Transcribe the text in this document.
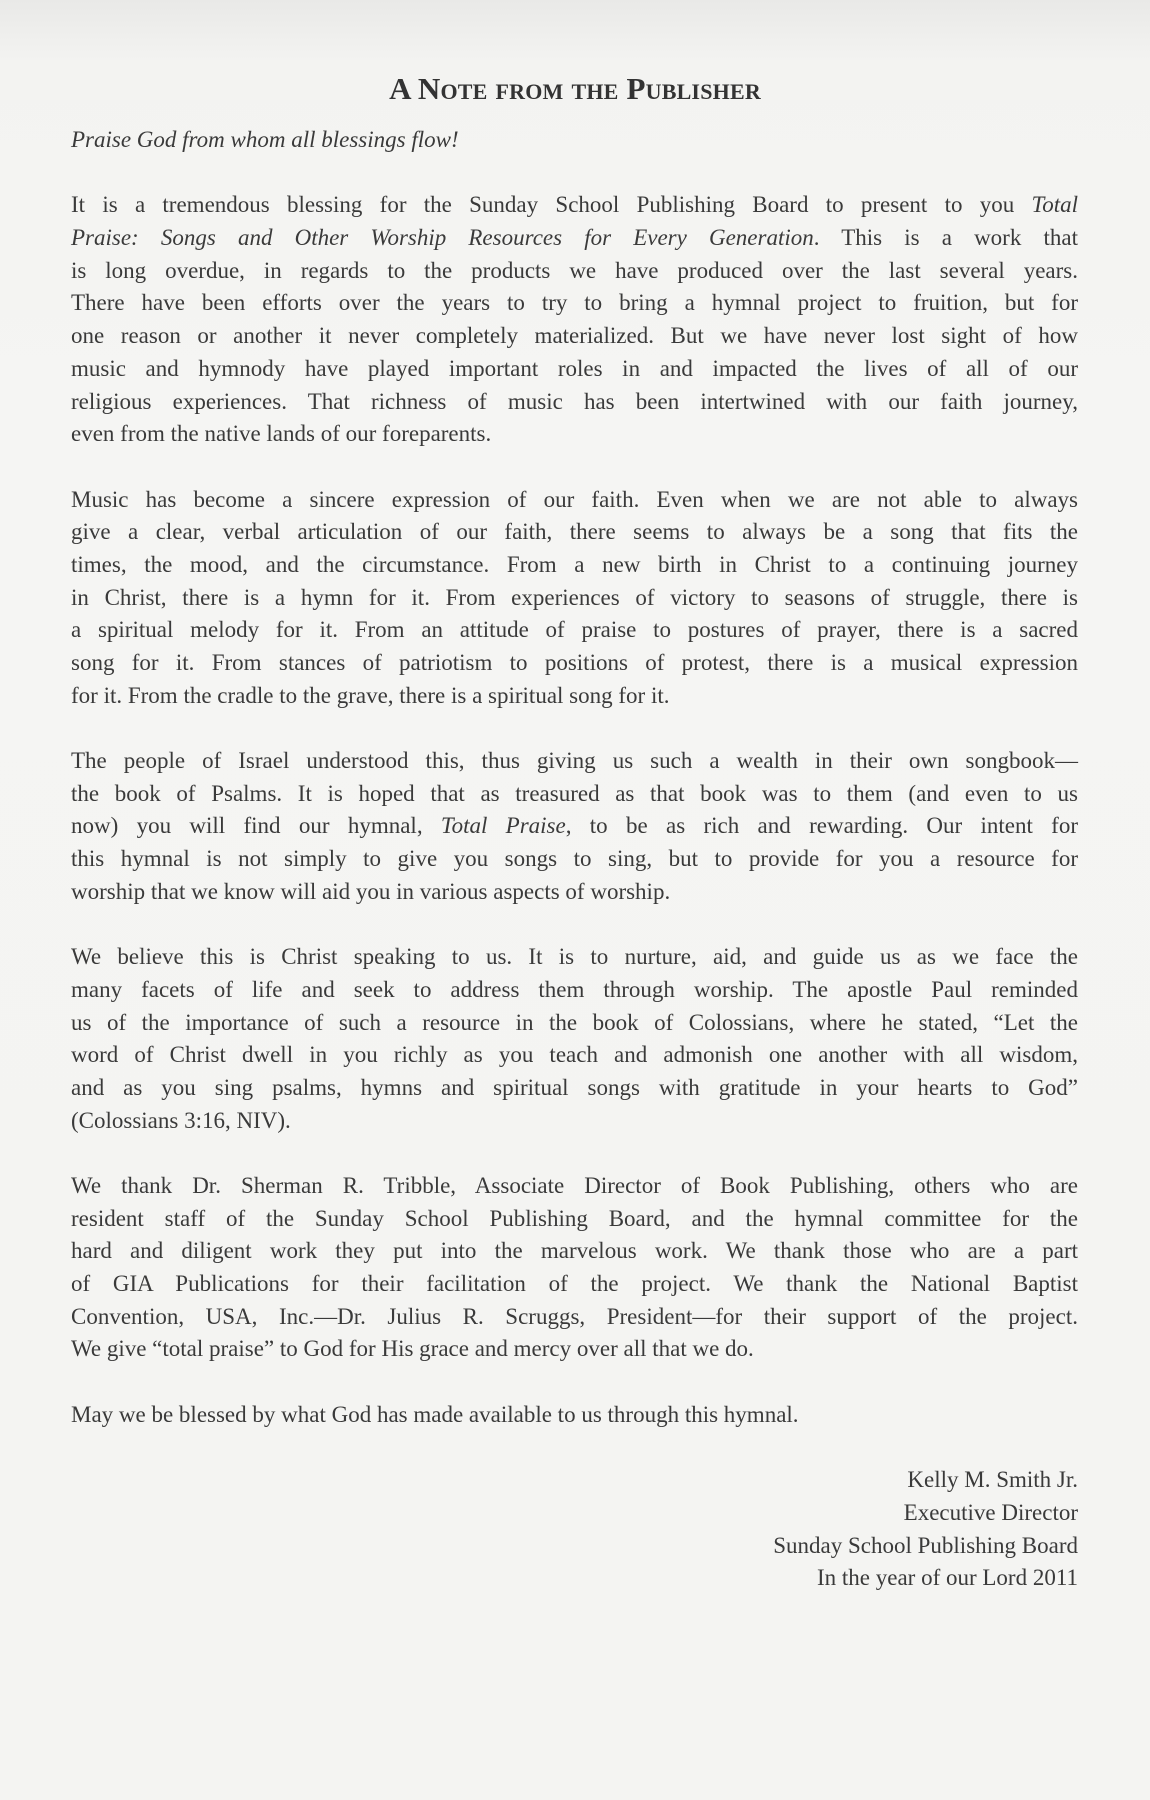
A Note from the Publisher
Praise God from whom all blessings flow!
It is a tremendous blessing for the Sunday School Publishing Board to present to you Total
Praise: Songs and Other Worship Resources for Every Generation. This is a work that
is long overdue, in regards to the products we have produced over the last several years.
There have been efforts over the years to try to bring a hymnal project to fruition, but for
one reason or another it never completely materialized. But we have never lost sight of how
music and hymnody have played important roles in and impacted the lives of all of our
religious experiences. That richness of music has been intertwined with our faith journey,
even from the native lands of our foreparents.
Music has become a sincere expression of our faith. Even when we are not able to always
give a clear, verbal articulation of our faith, there seems to always be a song that fits the
times, the mood, and the circumstance. From a new birth in Christ to a continuing journey
in Christ, there is a hymn for it. From experiences of victory to seasons of struggle, there is
a spiritual melody for it. From an attitude of praise to postures of prayer, there is a sacred
song for it. From stances of patriotism to positions of protest, there is a musical expression
for it. From the cradle to the grave, there is a spiritual song for it.
The people of Israel understood this, thus giving us such a wealth in their own songbook—
the book of Psalms. It is hoped that as treasured as that book was to them (and even to us
now) you will find our hymnal, Total Praise, to be as rich and rewarding. Our intent for
this hymnal is not simply to give you songs to sing, but to provide for you a resource for
worship that we know will aid you in various aspects of worship.
We believe this is Christ speaking to us. It is to nurture, aid, and guide us as we face the
many facets of life and seek to address them through worship. The apostle Paul reminded
us of the importance of such a resource in the book of Colossians, where he stated, “Let the
word of Christ dwell in you richly as you teach and admonish one another with all wisdom,
and as you sing psalms, hymns and spiritual songs with gratitude in your hearts to God”
(Colossians 3:16, NIV).
We thank Dr. Sherman R. Tribble, Associate Director of Book Publishing, others who are
resident staff of the Sunday School Publishing Board, and the hymnal committee for the
hard and diligent work they put into the marvelous work. We thank those who are a part
of GIA Publications for their facilitation of the project. We thank the National Baptist
Convention, USA, Inc.—Dr. Julius R. Scruggs, President—for their support of the project.
We give “total praise” to God for His grace and mercy over all that we do.
May we be blessed by what God has made available to us through this hymnal.
Kelly M. Smith Jr.
Executive Director
Sunday School Publishing Board
In the year of our Lord 2011
